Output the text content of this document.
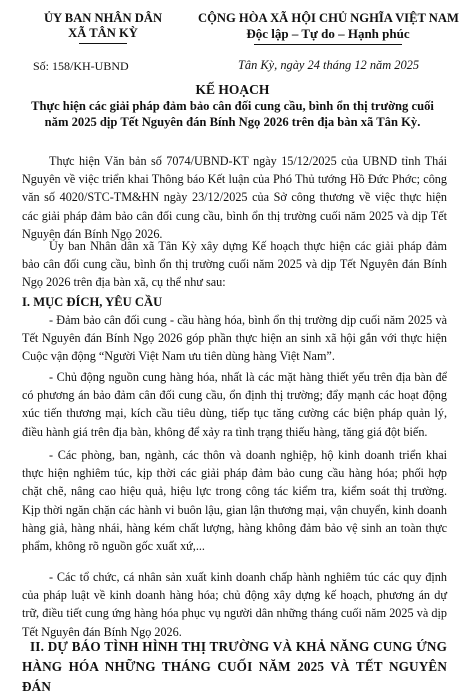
ỦY BAN NHÂN DÂN
XÃ TÂN KỲ
CỘNG HÒA XÃ HỘI CHỦ NGHĨA VIỆT NAM
Độc lập – Tự do – Hạnh phúc
Số: 158/KH-UBND	Tân Kỳ, ngày 24 tháng 12 năm 2025
KẾ HOẠCH
Thực hiện các giải pháp đảm bảo cân đối cung cầu, bình ổn thị trường cuối năm 2025 dịp Tết Nguyên đán Bính Ngọ 2026 trên địa bàn xã Tân Kỳ.

Thực hiện Văn bản số 7074/UBND-KT ngày 15/12/2025 của UBND tỉnh Thái Nguyên về việc triển khai Thông báo Kết luận của Phó Thủ tướng Hồ Đức Phớc; công văn số 4020/STC-TM&HN ngày 23/12/2025 của Sở công thương về việc thực hiện các giải pháp đảm bảo cân đối cung cầu, bình ổn thị trường cuối năm 2025 và dịp Tết Nguyên đán Bính Ngọ 2026.

Ủy ban Nhân dân xã Tân Kỳ xây dựng Kế hoạch thực hiện các giải pháp đảm bảo cân đối cung cầu, bình ổn thị trường cuối năm 2025 và dịp Tết Nguyên đán Bính Ngọ 2026 trên địa bàn xã, cụ thể như sau:

I. MỤC ĐÍCH, YÊU CẦU

- Đảm bảo cân đối cung - cầu hàng hóa, bình ổn thị trường dịp cuối năm 2025 và Tết Nguyên đán Bính Ngọ 2026 góp phần thực hiện an sinh xã hội gắn với thực hiện Cuộc vận động “Người Việt Nam ưu tiên dùng hàng Việt Nam”.

- Chủ động nguồn cung hàng hóa, nhất là các mặt hàng thiết yếu trên địa bàn để có phương án bảo đảm cân đối cung cầu, ổn định thị trường; đẩy mạnh các hoạt động xúc tiến thương mại, kích cầu tiêu dùng, tiếp tục tăng cường các biện pháp quản lý, điều hành giá trên địa bàn, không để xảy ra tình trạng thiếu hàng, tăng giá đột biến.

- Các phòng, ban, ngành, các thôn và doanh nghiệp, hộ kinh doanh triển khai thực hiện nghiêm túc, kịp thời các giải pháp đảm bảo cung cầu hàng hóa; phối hợp chặt chẽ, nâng cao hiệu quả, hiệu lực trong công tác kiểm tra, kiểm soát thị trường. Kịp thời ngăn chặn các hành vi buôn lậu, gian lận thương mại, vận chuyển, kinh doanh hàng giả, hàng nhái, hàng kém chất lượng, hàng không đảm bảo vệ sinh an toàn thực phẩm, không rõ nguồn gốc xuất xứ,...

- Các tổ chức, cá nhân sản xuất kinh doanh chấp hành nghiêm túc các quy định của pháp luật về kinh doanh hàng hóa; chủ động xây dựng kế hoạch, phương án dự trữ, điều tiết cung ứng hàng hóa phục vụ người dân những tháng cuối năm 2025 và dịp Tết Nguyên đán Bính Ngọ 2026.

II. DỰ BÁO TÌNH HÌNH THỊ TRƯỜNG VÀ KHẢ NĂNG CUNG ỨNG HÀNG HÓA NHỮNG THÁNG CUỐI NĂM 2025 VÀ TẾT NGUYÊN ĐÁN
